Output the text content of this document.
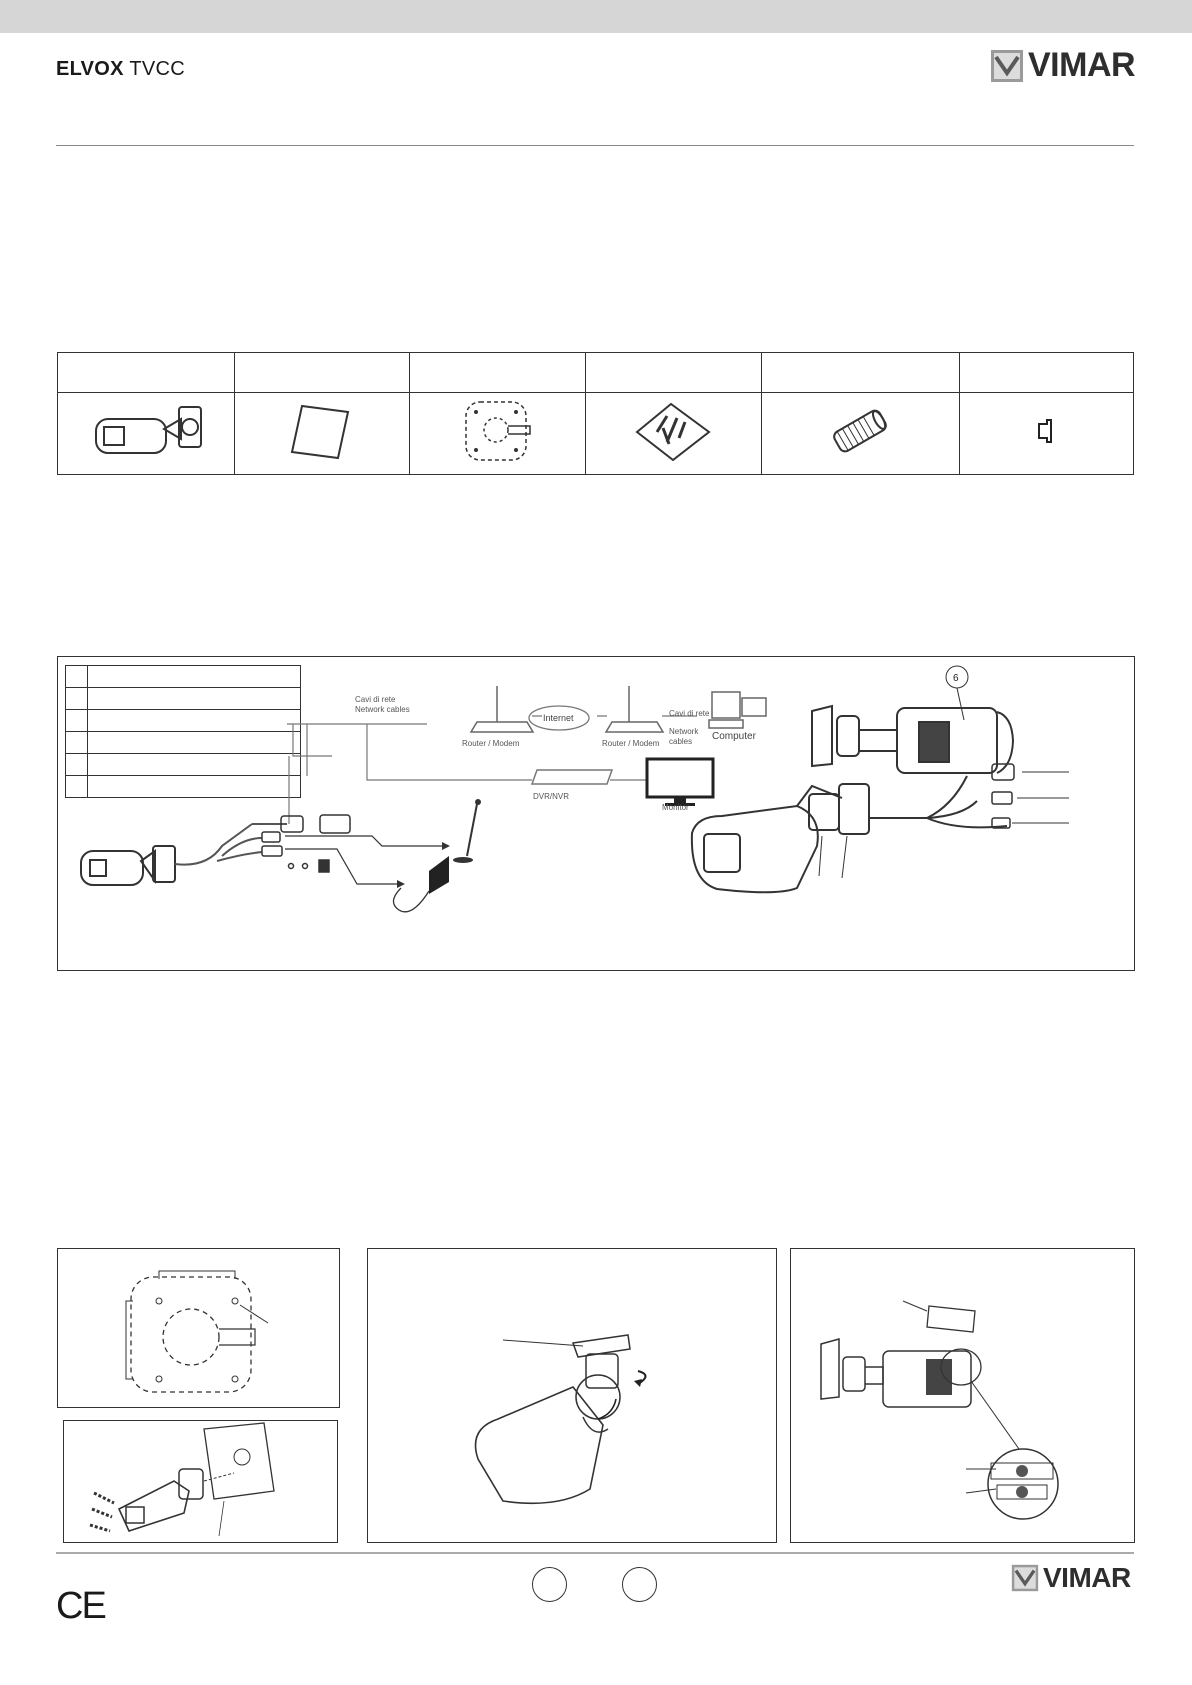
ELVOX TVCC	VIMAR

Cavi di rete
Network cables
Router / Modem
Internet
Router / Modem
Cavi di rete
Network
cables Computer
DVR/NVR
Monitor
6
CE
VIMAR
